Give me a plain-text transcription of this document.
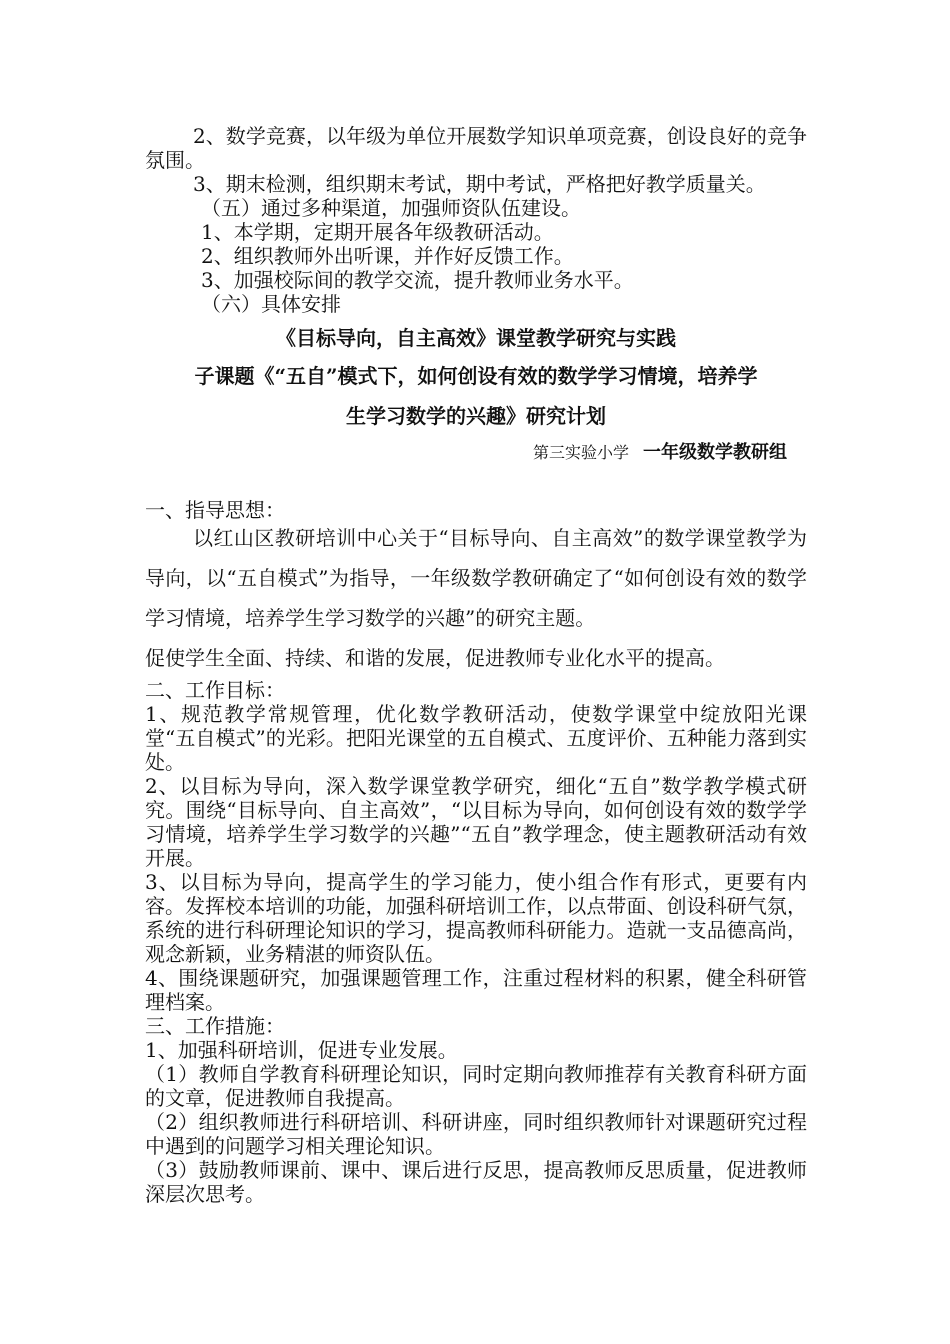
2、数学竞赛，以年级为单位开展数学知识单项竞赛，创设良好的竞争氛围。

3、期末检测，组织期末考试，期中考试，严格把好教学质量关。

（五）通过多种渠道，加强师资队伍建设。

1、本学期，定期开展各年级教研活动。

2、组织教师外出听课，并作好反馈工作。

3、加强校际间的教学交流，提升教师业务水平。

（六）具体安排

《目标导向，自主高效》课堂教学研究与实践

子课题《“五自”模式下，如何创设有效的数学学习情境，培养学

生学习数学的兴趣》研究计划

第三实验小学 一年级数学教研组

一、指导思想：

以红山区教研培训中心关于“目标导向、自主高效”的数学课堂教学为导向，以“五自模式”为指导，一年级数学教研确定了“如何创设有效的数学学习情境，培养学生学习数学的兴趣”的研究主题。

促使学生全面、持续、和谐的发展，促进教师专业化水平的提高。

二、工作目标：

1、规范教学常规管理，优化数学教研活动，使数学课堂中绽放阳光课堂“五自模式”的光彩。把阳光课堂的五自模式、五度评价、五种能力落到实处。

2、以目标为导向，深入数学课堂教学研究，细化“五自”数学教学模式研究。围绕“目标导向、自主高效”，“以目标为导向，如何创设有效的数学学习情境，培养学生学习数学的兴趣”“五自”教学理念，使主题教研活动有效开展。

3、以目标为导向，提高学生的学习能力，使小组合作有形式，更要有内容。发挥校本培训的功能，加强科研培训工作，以点带面、创设科研气氛，系统的进行科研理论知识的学习，提高教师科研能力。造就一支品德高尚，观念新颖，业务精湛的师资队伍。

4、围绕课题研究，加强课题管理工作，注重过程材料的积累，健全科研管理档案。

三、工作措施：

1、加强科研培训，促进专业发展。

（1）教师自学教育科研理论知识，同时定期向教师推荐有关教育科研方面的文章，促进教师自我提高。

（2）组织教师进行科研培训、科研讲座，同时组织教师针对课题研究过程中遇到的问题学习相关理论知识。

（3）鼓励教师课前、课中、课后进行反思，提高教师反思质量，促进教师深层次思考。
